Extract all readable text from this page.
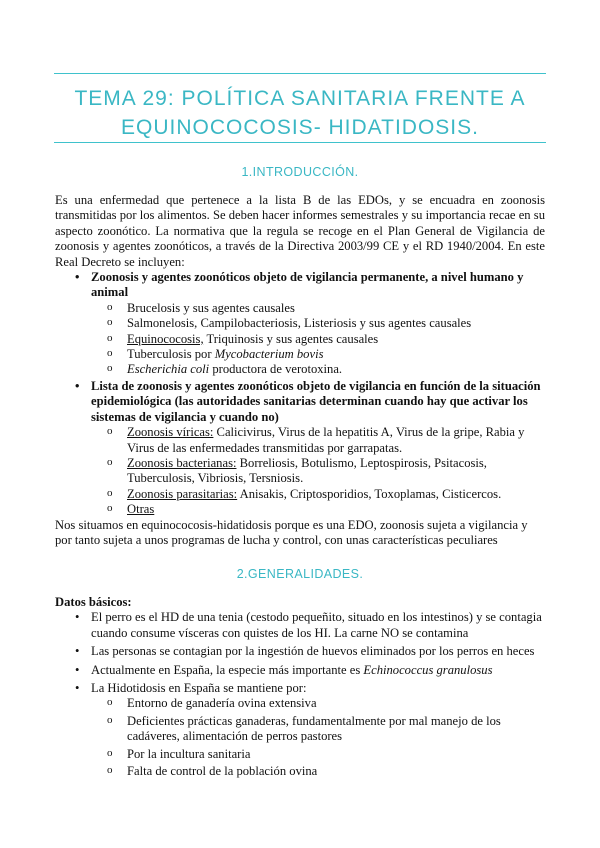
TEMA 29: POLÍTICA SANITARIA FRENTE A
EQUINOCOCOSIS- HIDATIDOSIS.
1.INTRODUCCIÓN.
Es una enfermedad que pertenece a la lista B de las EDOs, y se encuadra en zoonosis transmitidas por los alimentos. Se deben hacer informes semestrales y su importancia recae en su aspecto zoonótico. La normativa que la regula se recoge en el Plan General de Vigilancia de zoonosis y agentes zoonóticos, a través de la Directiva 2003/99 CE y el RD 1940/2004. En este Real Decreto se incluyen:
• Zoonosis y agentes zoonóticos objeto de vigilancia permanente, a nivel humano y animal
o Brucelosis y sus agentes causales
o Salmonelosis, Campilobacteriosis, Listeriosis y sus agentes causales
o Equinococosis, Triquinosis y sus agentes causales
o Tuberculosis por Mycobacterium bovis
o Escherichia coli productora de verotoxina.
• Lista de zoonosis y agentes zoonóticos objeto de vigilancia en función de la situación epidemiológica (las autoridades sanitarias determinan cuando hay que activar los sistemas de vigilancia y cuando no)
o Zoonosis víricas: Calicivirus, Virus de la hepatitis A, Virus de la gripe, Rabia y Virus de las enfermedades transmitidas por garrapatas.
o Zoonosis bacterianas: Borreliosis, Botulismo, Leptospirosis, Psitacosis, Tuberculosis, Vibriosis, Tersniosis.
o Zoonosis parasitarias: Anisakis, Criptosporidios, Toxoplamas, Cisticercos.
o Otras
Nos situamos en equinococosis-hidatidosis porque es una EDO, zoonosis sujeta a vigilancia y por tanto sujeta a unos programas de lucha y control, con unas características peculiares
2.GENERALIDADES.
Datos básicos:
• El perro es el HD de una tenia (cestodo pequeñito, situado en los intestinos) y se contagia cuando consume vísceras con quistes de los HI. La carne NO se contamina
• Las personas se contagian por la ingestión de huevos eliminados por los perros en heces
• Actualmente en España, la especie más importante es Echinococcus granulosus
• La Hidotidosis en España se mantiene por:
o Entorno de ganadería ovina extensiva
o Deficientes prácticas ganaderas, fundamentalmente por mal manejo de los cadáveres, alimentación de perros pastores
o Por la incultura sanitaria
o Falta de control de la población ovina
